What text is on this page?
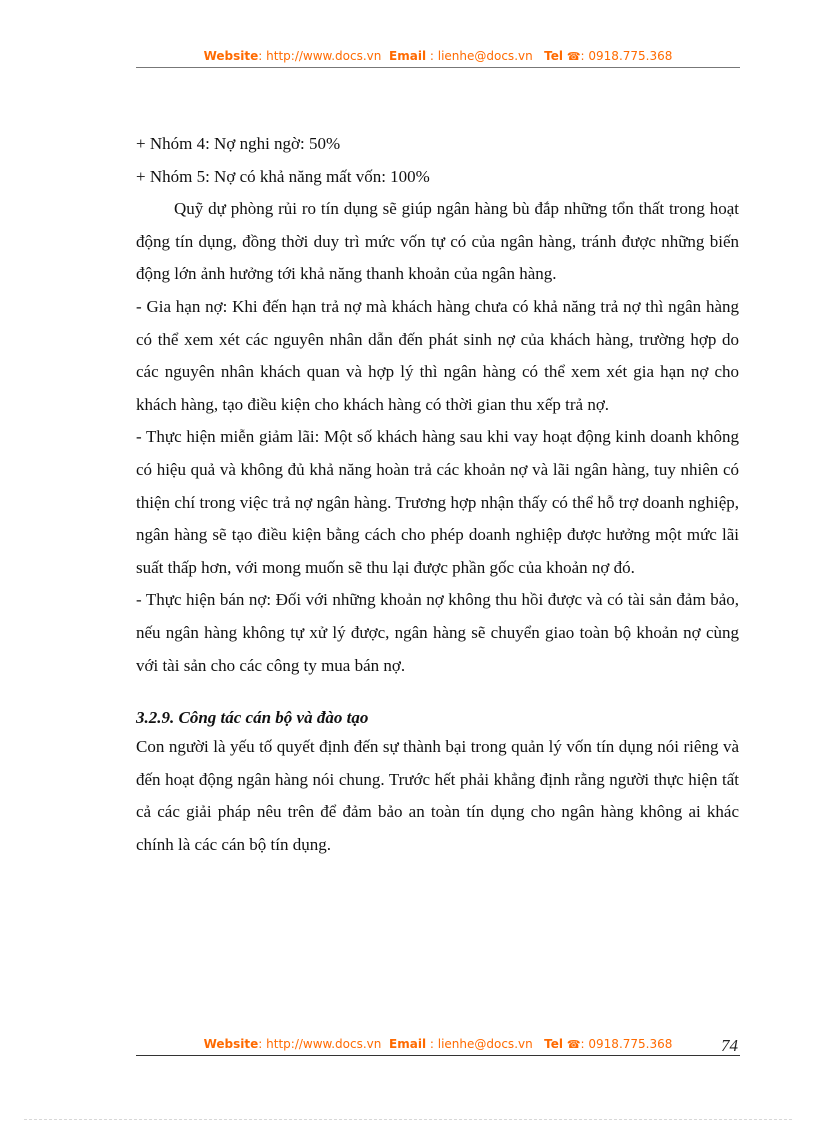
Website: http://www.docs.vn Email : lienhe@docs.vn Tel ☎: 0918.775.368
+ Nhóm 4: Nợ nghi ngờ: 50%
+ Nhóm 5: Nợ có khả năng mất vốn: 100%

Quỹ dự phòng rủi ro tín dụng sẽ giúp ngân hàng bù đắp những tổn thất trong hoạt động tín dụng, đồng thời duy trì mức vốn tự có của ngân hàng, tránh được những biến động lớn ảnh hưởng tới khả năng thanh khoản của ngân hàng.

- Gia hạn nợ: Khi đến hạn trả nợ mà khách hàng chưa có khả năng trả nợ thì ngân hàng có thể xem xét các nguyên nhân dẫn đến phát sinh nợ của khách hàng, trường hợp do các nguyên nhân khách quan và hợp lý thì ngân hàng có thể xem xét gia hạn nợ cho khách hàng, tạo điều kiện cho khách hàng có thời gian thu xếp trả nợ.

- Thực hiện miễn giảm lãi: Một số khách hàng sau khi vay hoạt động kinh doanh không có hiệu quả và không đủ khả năng hoàn trả các khoản nợ và lãi ngân hàng, tuy nhiên có thiện chí trong việc trả nợ ngân hàng. Trương hợp nhận thấy có thể hỗ trợ doanh nghiệp, ngân hàng sẽ tạo điều kiện bằng cách cho phép doanh nghiệp được hưởng một mức lãi suất thấp hơn, với mong muốn sẽ thu lại được phần gốc của khoản nợ đó.

- Thực hiện bán nợ: Đối với những khoản nợ không thu hồi được và có tài sản đảm bảo, nếu ngân hàng không tự xử lý được, ngân hàng sẽ chuyển giao toàn bộ khoản nợ cùng với tài sản cho các công ty mua bán nợ.

3.2.9. Công tác cán bộ và đào tạo

Con người là yếu tố quyết định đến sự thành bại trong quản lý vốn tín dụng nói riêng và đến hoạt động ngân hàng nói chung. Trước hết phải khẳng định rằng người thực hiện tất cả các giải pháp nêu trên để đảm bảo an toàn tín dụng cho ngân hàng không ai khác chính là các cán bộ tín dụng.

Website: http://www.docs.vn Email : lienhe@docs.vn Tel ☎: 0918.775.368	74
